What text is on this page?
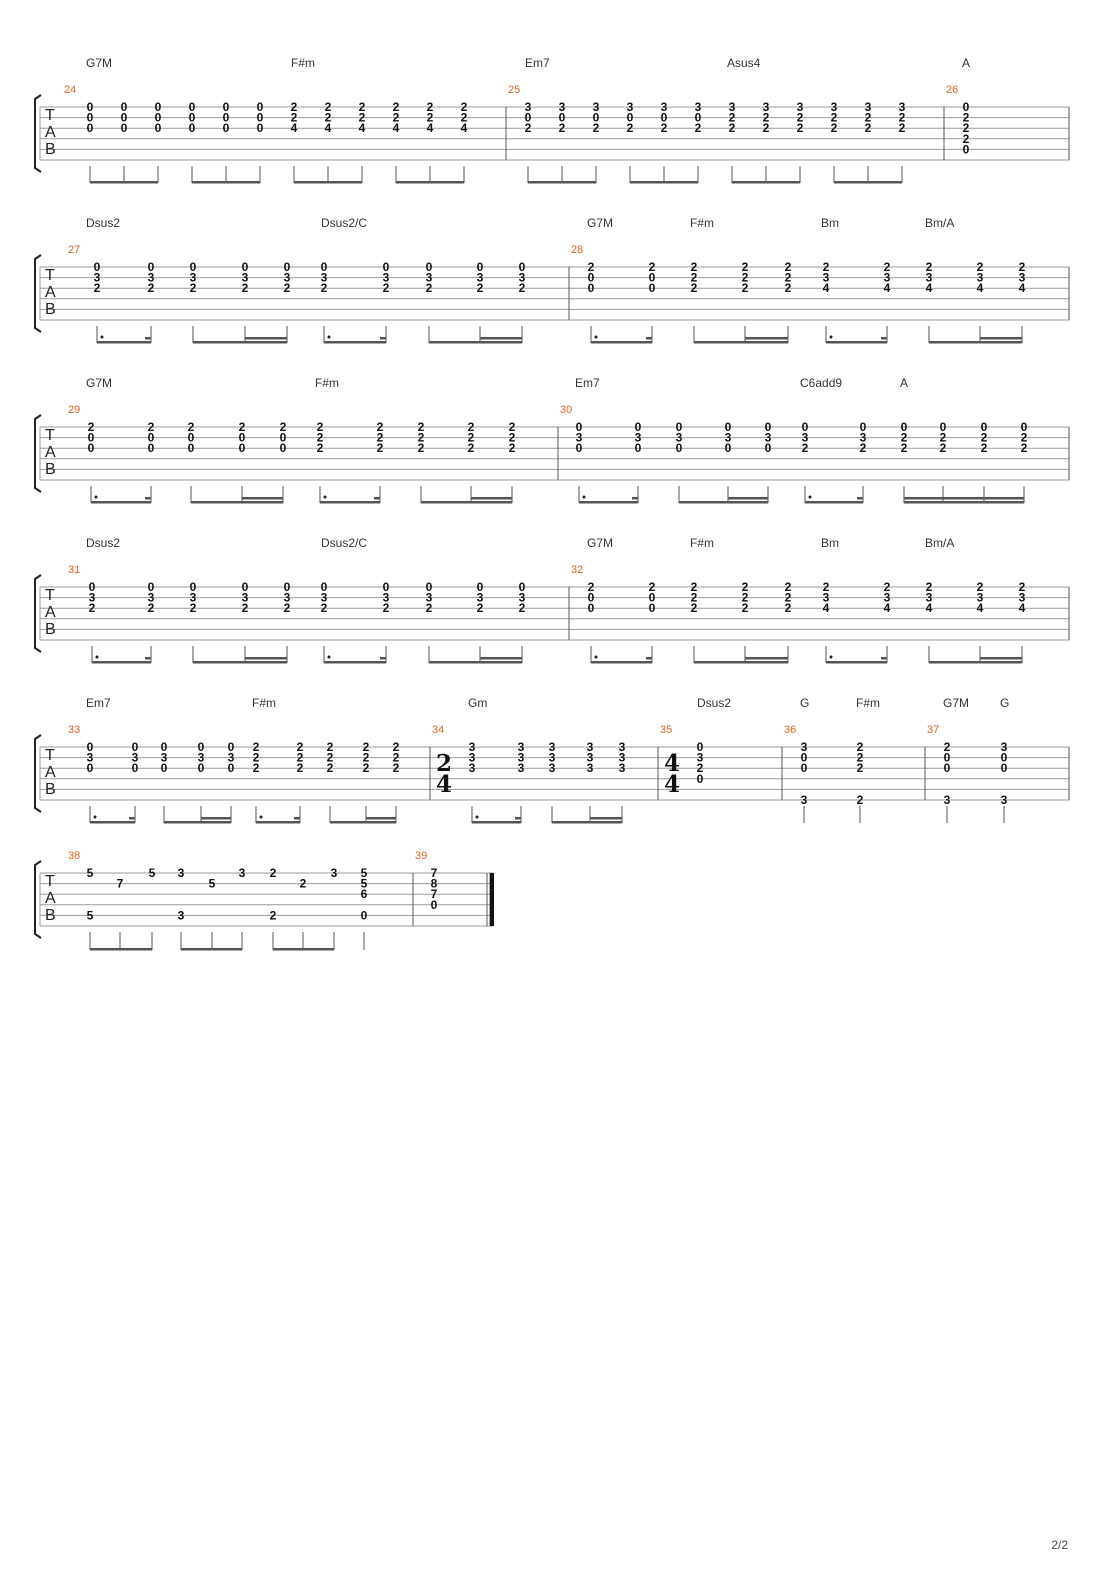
T
A
B
G7M	F#m	Em7	Asus4	A
24
0
0
0
0
0
0
0
0
0
0
0
0
0
0
0
0
0
0
2
2
4
2
2
4
2
2
4
2
2
4
2
2
4
2
2
4
25
3
0
2
3
0
2
3
0
2
3
0
2
3
0
2
3
0
2
3
2
2
3
2
2
3
2
2
3
2
2
3
2
2
3
2
2
26
0
2
2
2
0
T
A
B
Dsus2	Dsus2/C	G7M	F#m	Bm	Bm/A
27
0
3
2
0
3
2
0
3
2
0
3
2
0
3
2
0
3
2
0
3
2
0
3
2
0
3
2
0
3
2
28
2
0
0
2
0
0
2
2
2
2
2
2
2
2
2
2
3
4
2
3
4
2
3
4
2
3
4
2
3
4
T
A
B
G7M	F#m	Em7	C6add9	A
29
2
0
0
2
0
0
2
0
0
2
0
0
2
0
0
2
2
2
2
2
2
2
2
2
2
2
2
2
2
2
30
0
3
0
0
3
0
0
3
0
0
3
0
0
3
0
0
3
2
0
3
2
0
2
2
0
2
2
0
2
2
0
2
2
T
A
B
Dsus2	Dsus2/C	G7M	F#m	Bm	Bm/A
31
0
3
2
0
3
2
0
3
2
0
3
2
0
3
2
0
3
2
0
3
2
0
3
2
0
3
2
0
3
2
32
2
0
0
2
0
0
2
2
2
2
2
2
2
2
2
2
3
4
2
3
4
2
3
4
2
3
4
2
3
4
T
A
B
Em7	F#m	Gm	Dsus2	G	F#m	G7M	G
33
0
3
0
0
3
0
0
3
0
0
3
0
0
3
0
2
2
2
2
2
2
2
2
2
2
2
2
2
2
2
34
2
4
3
3
3
3
3
3
3
3
3
3
3
3
3
3
3
35
4
4
0
3
2
0
36
3
0
0
3
2
2
2
2
37
2
0
0
3
3
0
0
3
T
A
B
38
5
5
7
5 3
3
5
3 2
2
2
3 5
5
6
0
39
7
8
7
0
2/2
